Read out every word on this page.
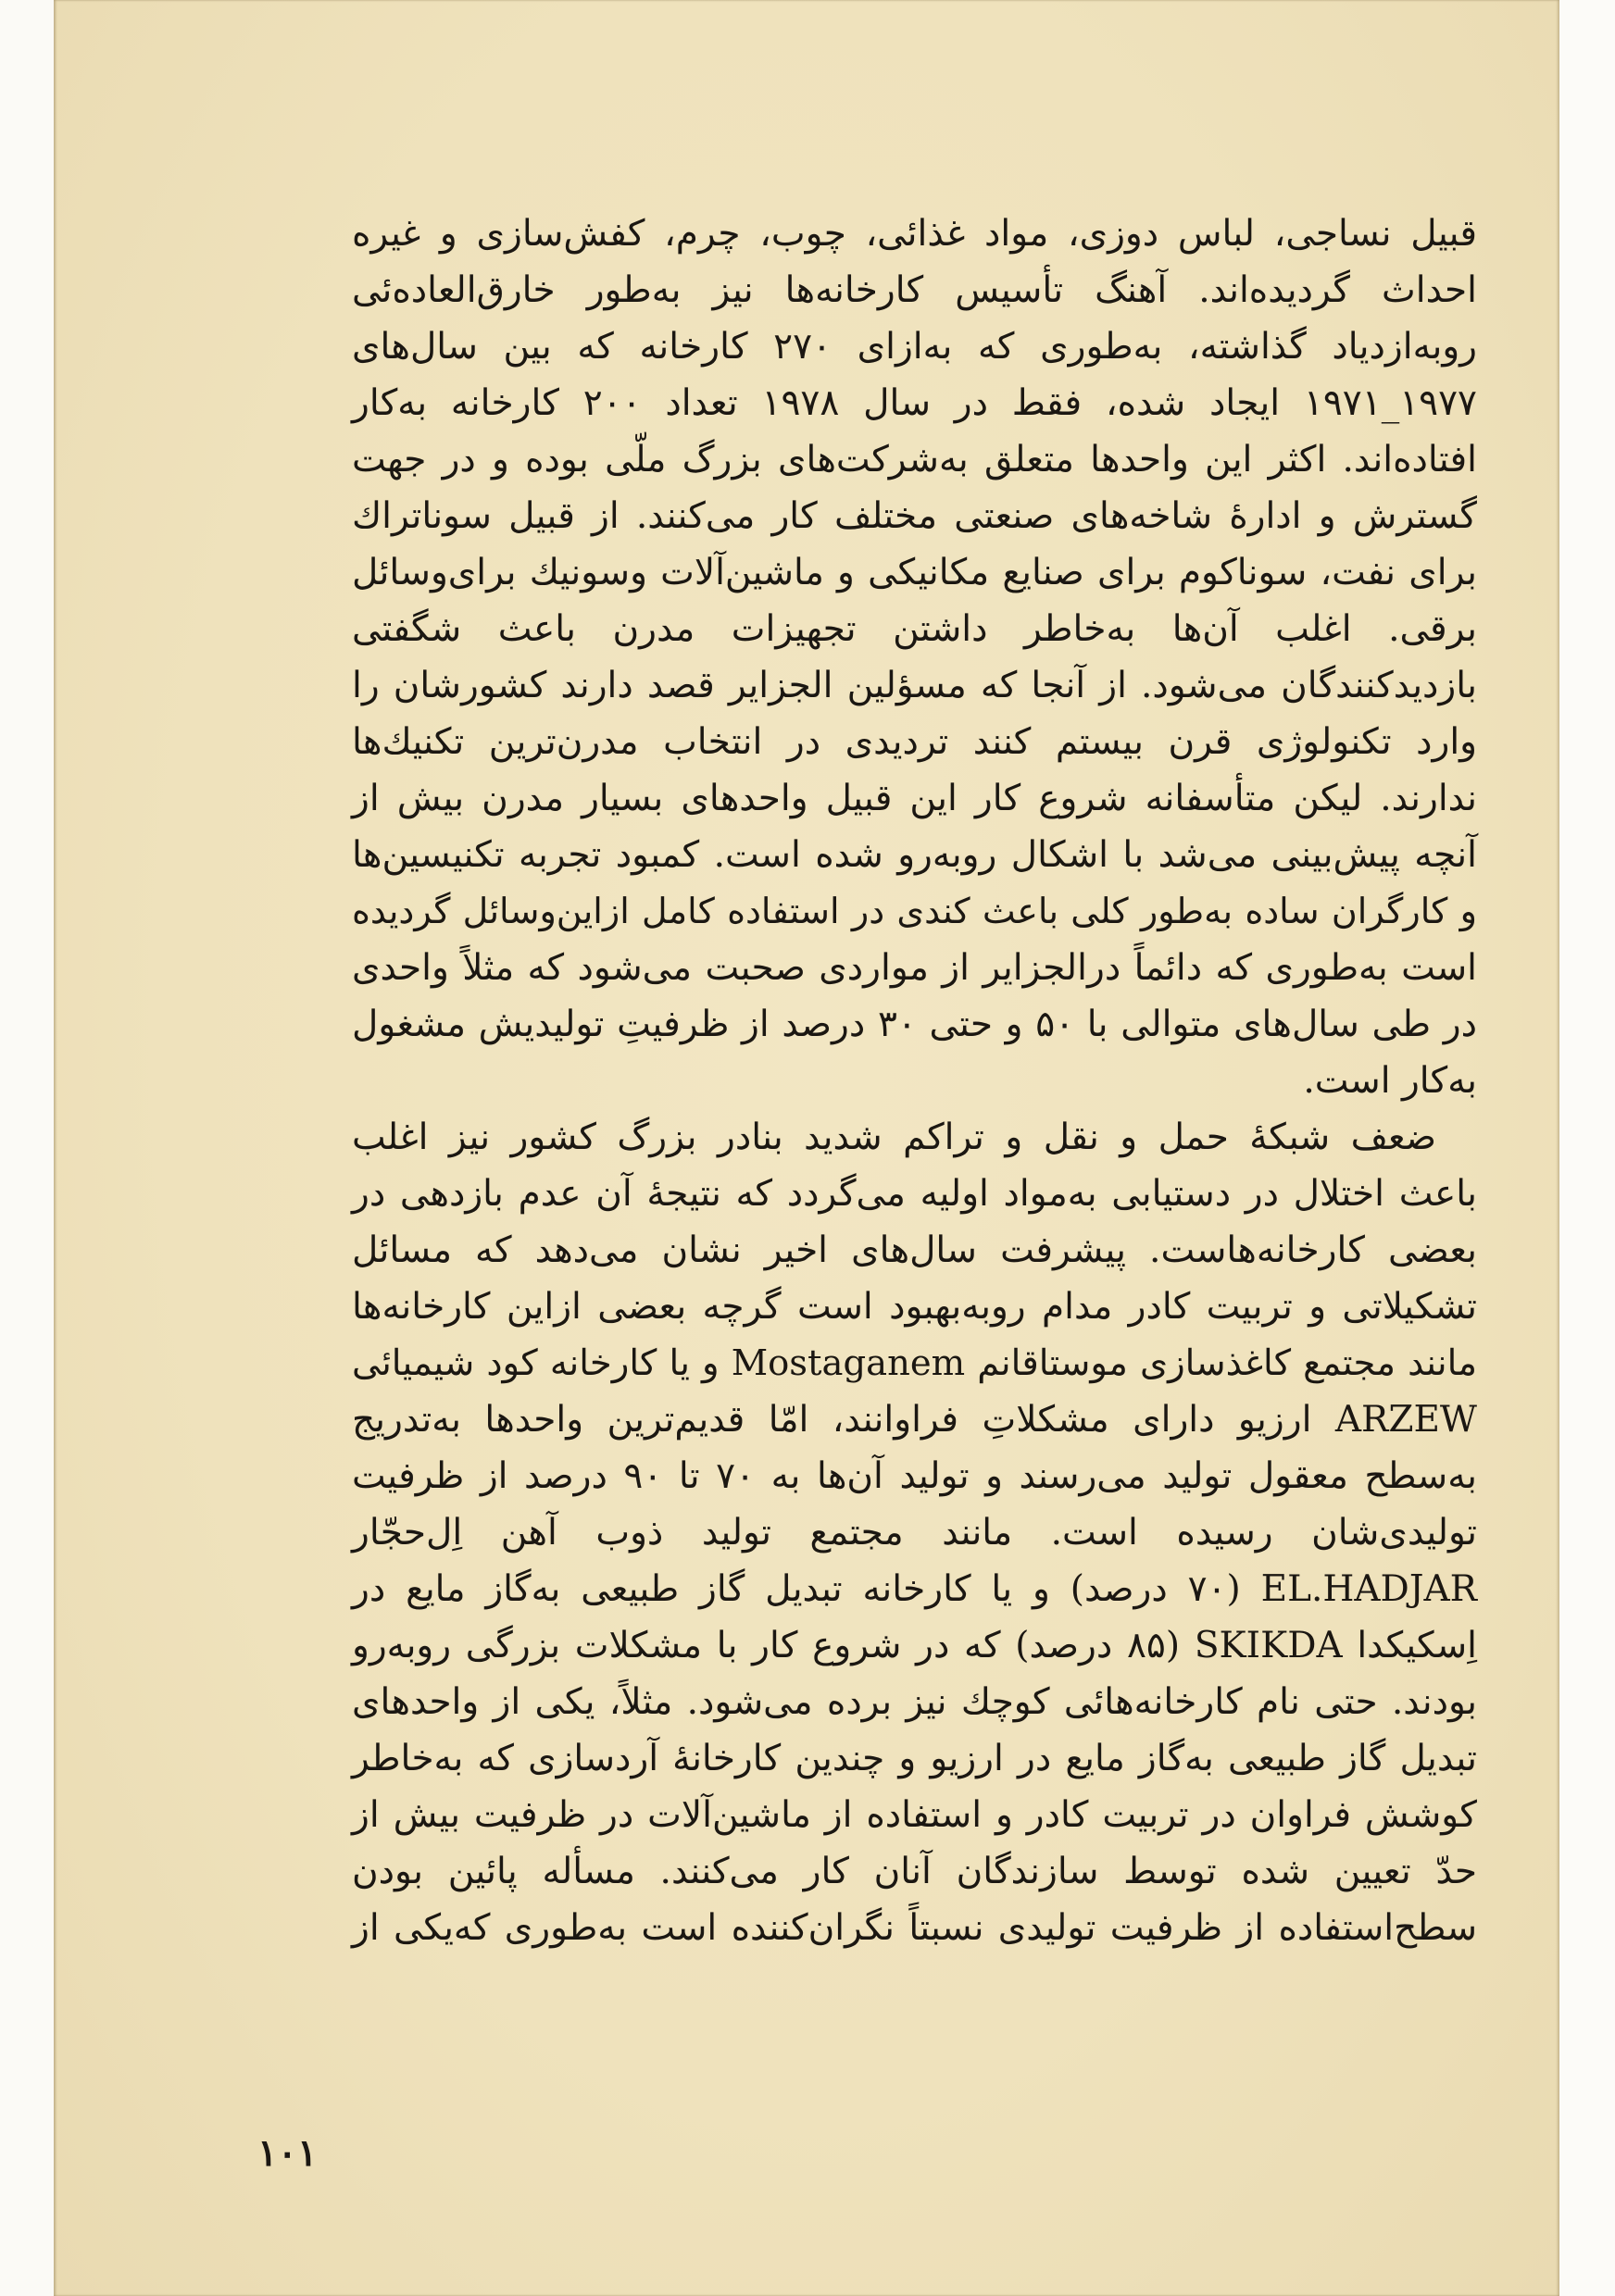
قبیل نساجی، لباس دوزی، مواد غذائی، چوب، چرم، کفش‌سازی و غیره
احداث گردیده‌اند. آهنگ تأسیس کارخانه‌ها نیز به‌طور خارق‌العاده‌ئی
روبه‌ازدیاد گذاشته، به‌طوری که به‌ازای ۲۷۰ کارخانه که بین سال‌های
۱۹۷۷_۱۹۷۱ ایجاد شده، فقط در سال ۱۹۷۸ تعداد ۲۰۰ کارخانه به‌کار
افتاده‌اند. اکثر این واحدها متعلق به‌شرکت‌های بزرگ ملّی بوده و در جهت
گسترش و ادارهٔ شاخه‌های صنعتی مختلف کار می‌کنند. از قبیل سوناتراك
برای نفت، سوناکوم برای صنایع مکانیکی و ماشین‌آلات وسونیك برای‌وسائل
برقی. اغلب آن‌ها به‌خاطر داشتن تجهیزات مدرن باعث شگفتی
بازدیدکنندگان می‌شود. از آنجا که مسؤلین الجزایر قصد دارند کشورشان را
وارد تکنولوژی قرن بیستم کنند تردیدی در انتخاب مدرن‌ترین تکنیك‌ها
ندارند. لیکن متأسفانه شروع کار این قبیل واحدهای بسیار مدرن بیش از
آنچه پیش‌بینی می‌شد با اشکال روبه‌رو شده است. کمبود تجربه تکنیسین‌ها
و کارگران ساده به‌طور کلی باعث کندی در استفاده کامل ازاین‌وسائل گردیده
است به‌طوری که دائماً درالجزایر از مواردی صحبت می‌شود که مثلاً واحدی
در طی سال‌های متوالی با ۵۰ و حتی ۳۰ درصد از ظرفیتِ تولیدیش مشغول
به‌کار است.
ضعف شبکهٔ حمل و نقل و تراکم شدید بنادر بزرگ کشور نیز اغلب
باعث اختلال در دستیابی به‌مواد اولیه می‌گردد که نتیجهٔ آن عدم بازدهی در
بعضی کارخانه‌هاست. پیشرفت سال‌های اخیر نشان می‌دهد که مسائل
تشکیلاتی و تربیت کادر مدام روبه‌بهبود است گرچه بعضی ازاین کارخانه‌ها
مانند مجتمع کاغذسازی موستاقانم Mostaganem و یا کارخانه کود شیمیائی
ARZEW ارزیو دارای مشکلاتِ فراوانند، امّا قدیم‌ترین واحدها به‌تدریج
به‌سطح معقول تولید می‌رسند و تولید آن‌ها به ۷۰ تا ۹۰ درصد از ظرفیت
تولیدی‌شان رسیده است. مانند مجتمع تولید ذوب آهن اِل‌حجّار
EL.HADJAR (۷۰ درصد) و یا کارخانه تبدیل گاز طبیعی به‌گاز مایع در
اِسکیکدا SKIKDA (۸۵ درصد) که در شروع کار با مشکلات بزرگی روبه‌رو
بودند. حتی نام کارخانه‌هائی کوچك نیز برده می‌شود. مثلاً، یکی از واحدهای
تبدیل گاز طبیعی به‌گاز مایع در ارزیو و چندین کارخانهٔ آردسازی که به‌خاطر
کوشش فراوان در تربیت کادر و استفاده از ماشین‌آلات در ظرفیت بیش از
حدّ تعیین شده توسط سازندگان آنان کار می‌کنند. مسأله پائین بودن
سطح‌استفاده از ظرفیت تولیدی نسبتاً نگران‌کننده است به‌طوری که‌یکی از
۱۰۱
